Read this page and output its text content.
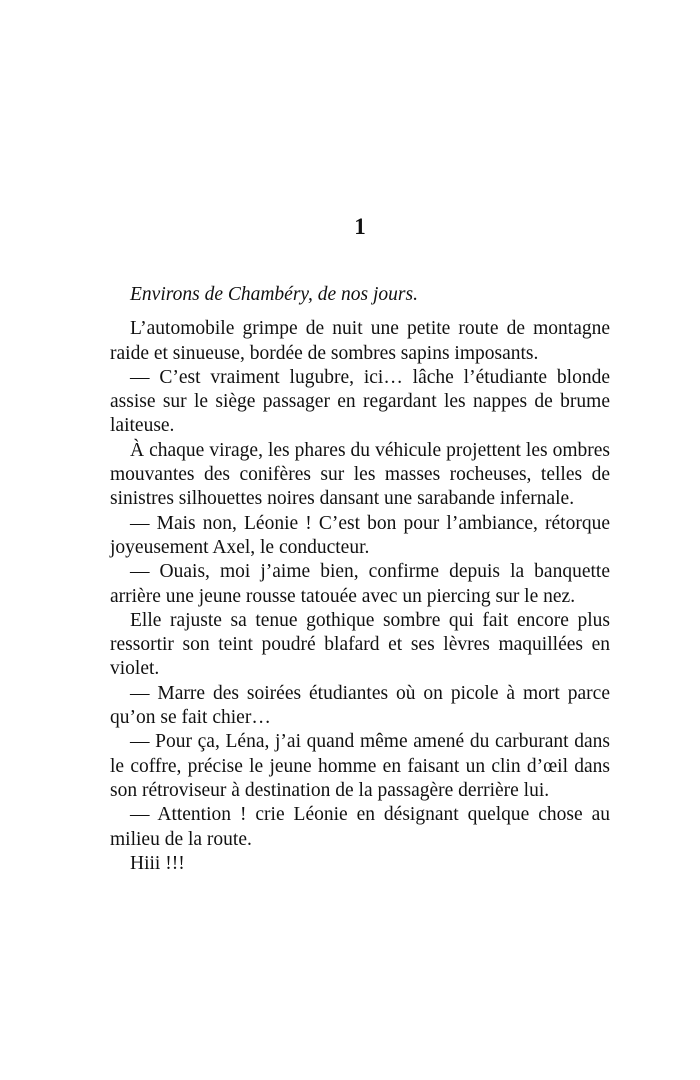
1

Environs de Chambéry, de nos jours.

L’automobile grimpe de nuit une petite route de montagne raide et sinueuse, bordée de sombres sapins imposants.

— C’est vraiment lugubre, ici… lâche l’étudiante blonde assise sur le siège passager en regardant les nappes de brume laiteuse.

À chaque virage, les phares du véhicule projettent les ombres mouvantes des conifères sur les masses rocheuses, telles de sinistres silhouettes noires dansant une sarabande infernale.

— Mais non, Léonie ! C’est bon pour l’ambiance, rétorque joyeusement Axel, le conducteur.

— Ouais, moi j’aime bien, confirme depuis la banquette arrière une jeune rousse tatouée avec un piercing sur le nez.

Elle rajuste sa tenue gothique sombre qui fait encore plus ressortir son teint poudré blafard et ses lèvres maquillées en violet.

— Marre des soirées étudiantes où on picole à mort parce qu’on se fait chier…

— Pour ça, Léna, j’ai quand même amené du carburant dans le coffre, précise le jeune homme en faisant un clin d’œil dans son rétroviseur à destination de la passagère derrière lui.

— Attention ! crie Léonie en désignant quelque chose au milieu de la route.

Hiii !!!
